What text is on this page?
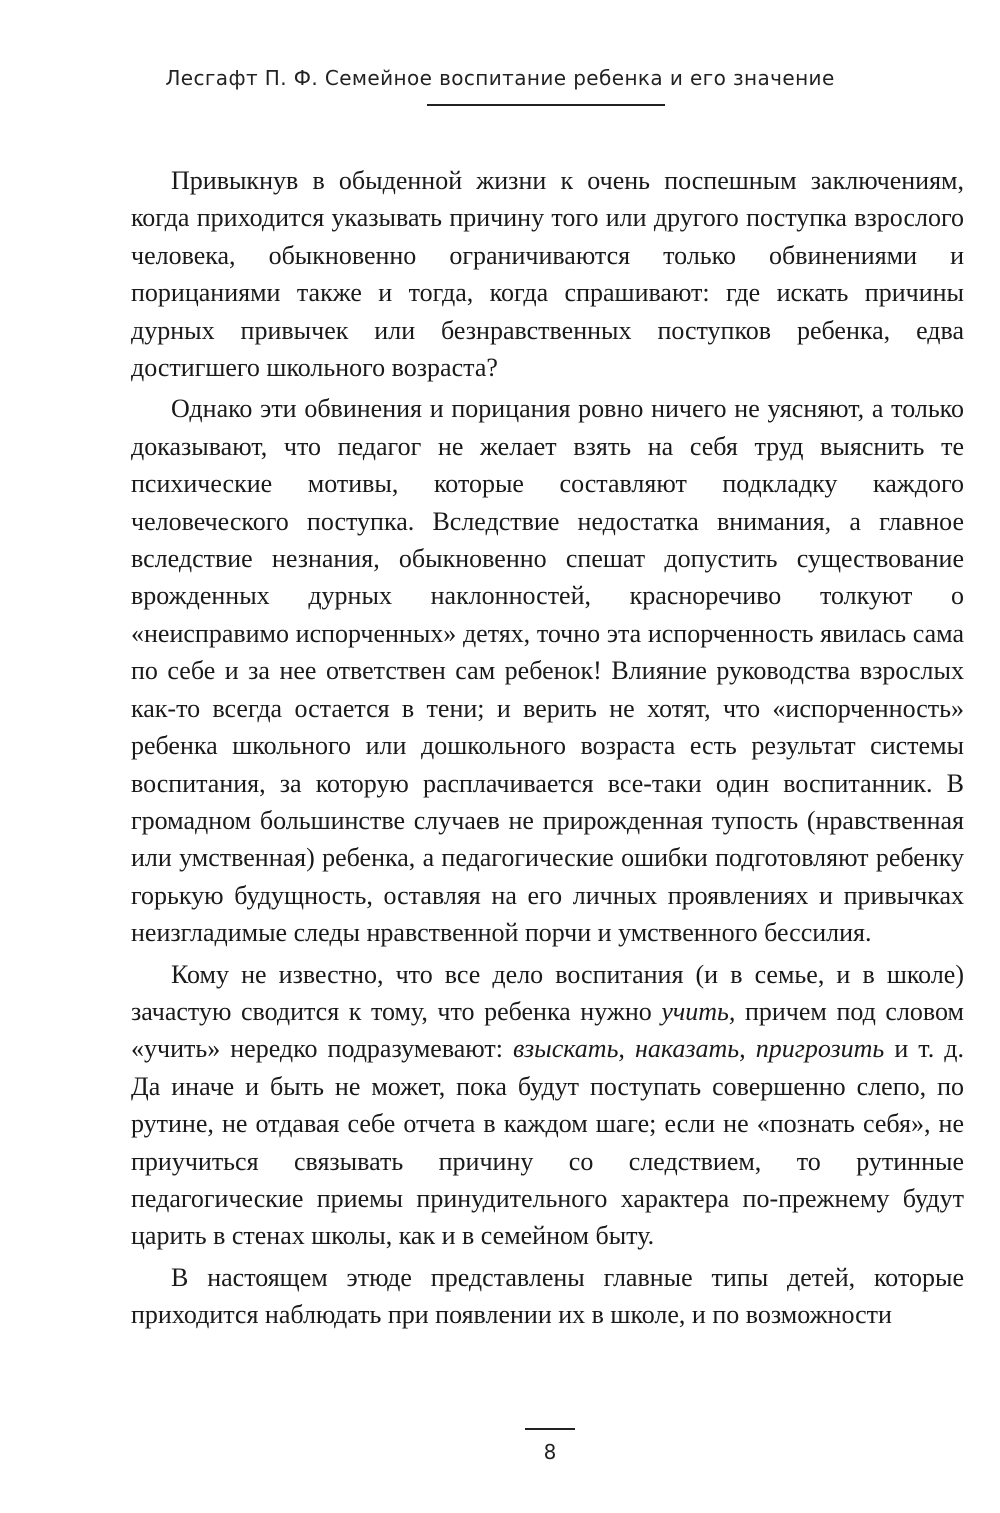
Лесгафт П. Ф. Семейное воспитание ребенка и его значение

Привыкнув в обыденной жизни к очень поспешным заключениям, когда приходится указывать причину того или другого поступка взрослого человека, обыкновенно ограничиваются только обвинениями и порицаниями также и тогда, когда спрашивают: где искать причины дурных привычек или безнравственных поступков ребенка, едва достигшего школьного возраста?

Однако эти обвинения и порицания ровно ничего не уясняют, а только доказывают, что педагог не желает взять на себя труд выяснить те психические мотивы, которые составляют подкладку каждого человеческого поступка. Вследствие недостатка внимания, а главное вследствие незнания, обыкновенно спешат допустить существование врожденных дурных наклонностей, красноречиво толкуют о «неисправимо испорченных» детях, точно эта испорченность явилась сама по себе и за нее ответствен сам ребенок! Влияние руководства взрослых как-то всегда остается в тени; и верить не хотят, что «испорченность» ребенка школьного или дошкольного возраста есть результат системы воспитания, за которую расплачивается все-таки один воспитанник. В громадном большинстве случаев не прирожденная тупость (нравственная или умственная) ребенка, а педагогические ошибки подготовляют ребенку горькую будущность, оставляя на его личных проявлениях и привычках неизгладимые следы нравственной порчи и умственного бессилия.

Кому не известно, что все дело воспитания (и в семье, и в школе) зачастую сводится к тому, что ребенка нужно учить, причем под словом «учить» нередко подразумевают: взыскать, наказать, пригрозить и т. д. Да иначе и быть не может, пока будут поступать совершенно слепо, по рутине, не отдавая себе отчета в каждом шаге; если не «познать себя», не приучиться связывать причину со следствием, то рутинные педагогические приемы принудительного характера по-прежнему будут царить в стенах школы, как и в семейном быту.

В настоящем этюде представлены главные типы детей, которые приходится наблюдать при появлении их в школе, и по возможности

8
